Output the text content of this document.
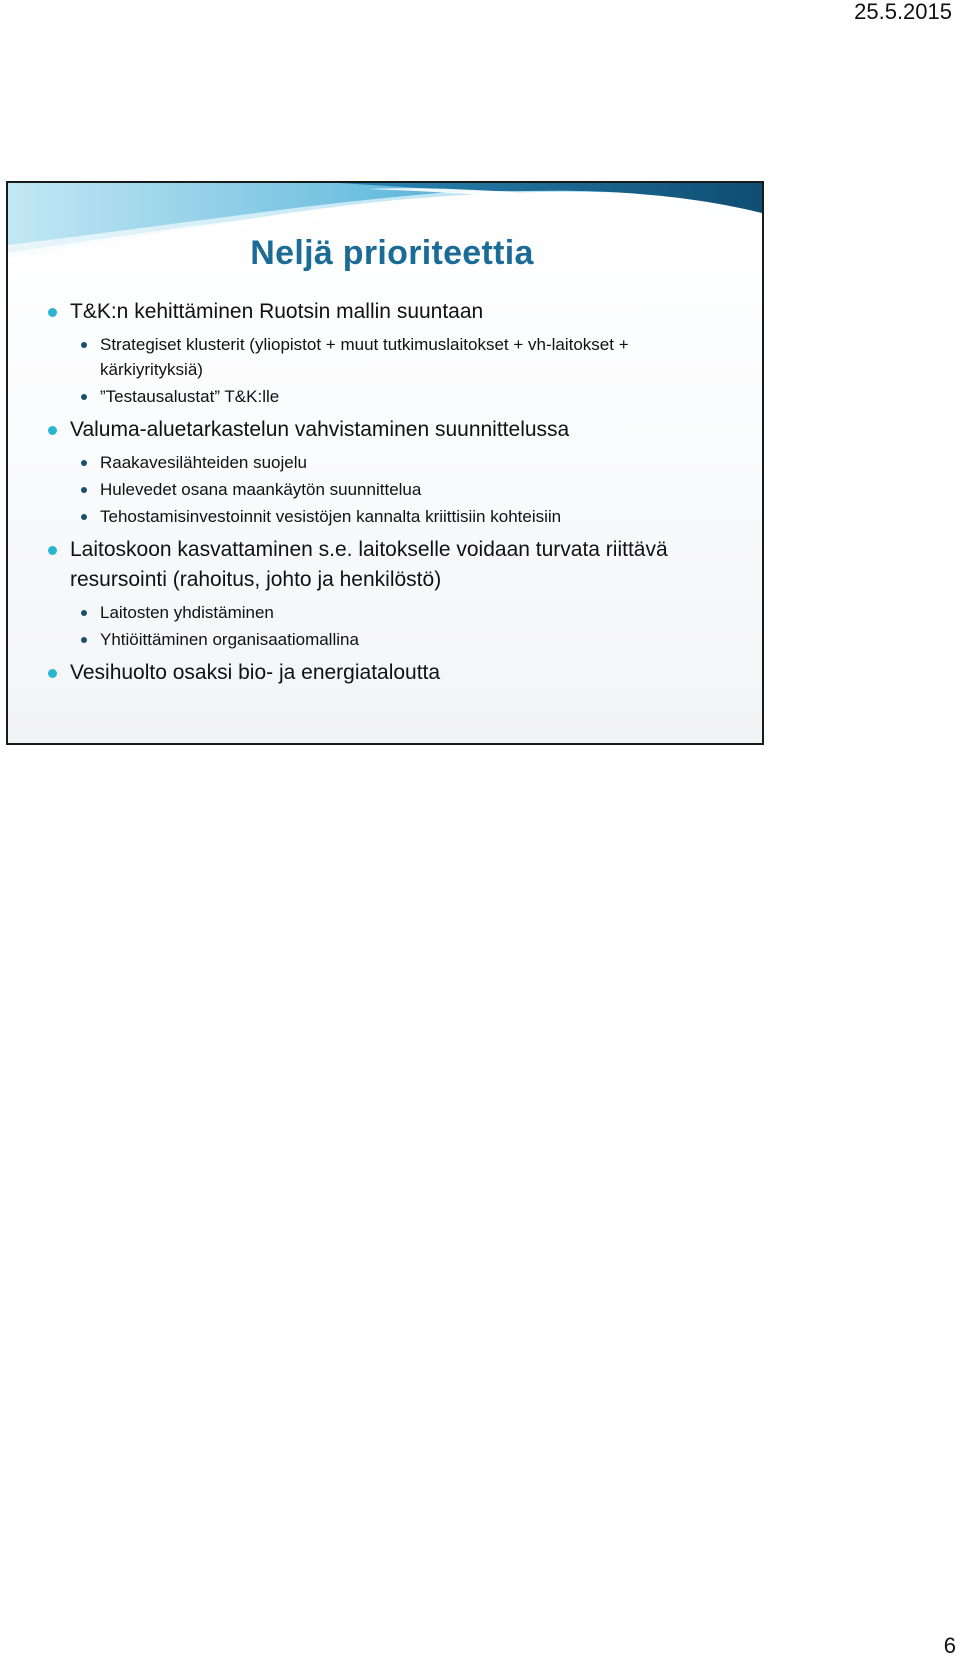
25.5.2015
Neljä prioriteettia
T&K:n kehittäminen Ruotsin mallin suuntaan
Strategiset klusterit (yliopistot + muut tutkimuslaitokset + vh-laitokset + kärkiyrityksiä)
”Testausalustat” T&K:lle
Valuma-aluetarkastelun vahvistaminen suunnittelussa
Raakavesilähteiden suojelu
Hulevedet osana maankäytön suunnittelua
Tehostamisinvestoinnit vesistöjen kannalta kriittisiin kohteisiin
Laitoskoon kasvattaminen s.e. laitokselle voidaan turvata riittävä resursointi (rahoitus, johto ja henkilöstö)
Laitosten yhdistäminen
Yhtiöittäminen organisaatiomallina
Vesihuolto osaksi bio- ja energiataloutta
6
